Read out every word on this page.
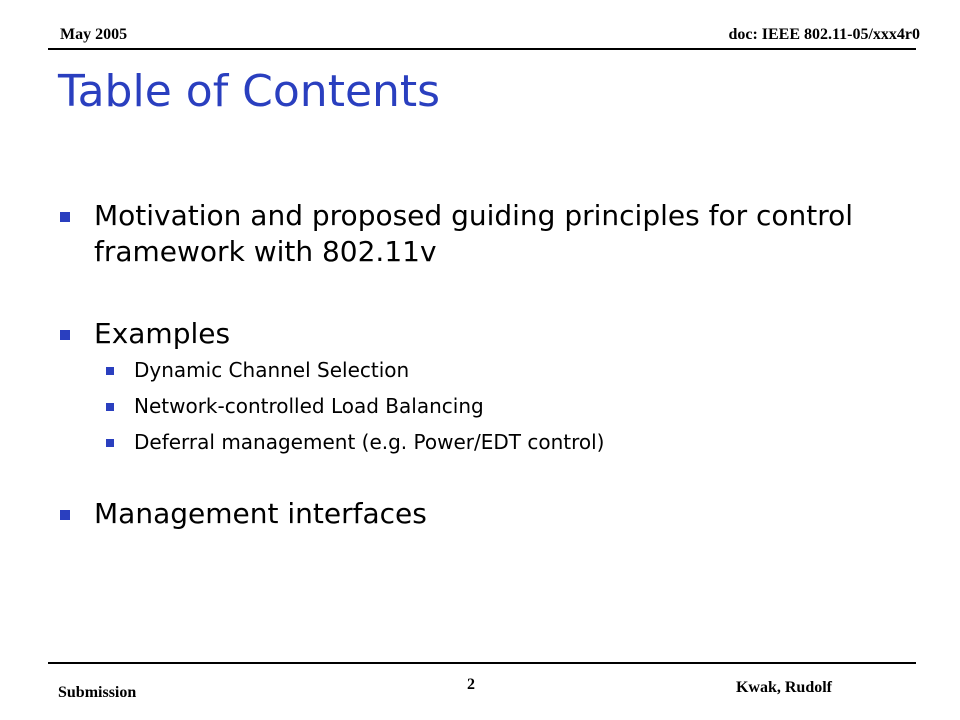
May 2005	doc: IEEE 802.11-05/xxx4r0
Table of Contents
Motivation and proposed guiding principles for control framework with 802.11v
Examples
Dynamic Channel Selection
Network-controlled Load Balancing
Deferral management (e.g. Power/EDT control)
Management interfaces
Submission	2	Kwak, Rudolf
